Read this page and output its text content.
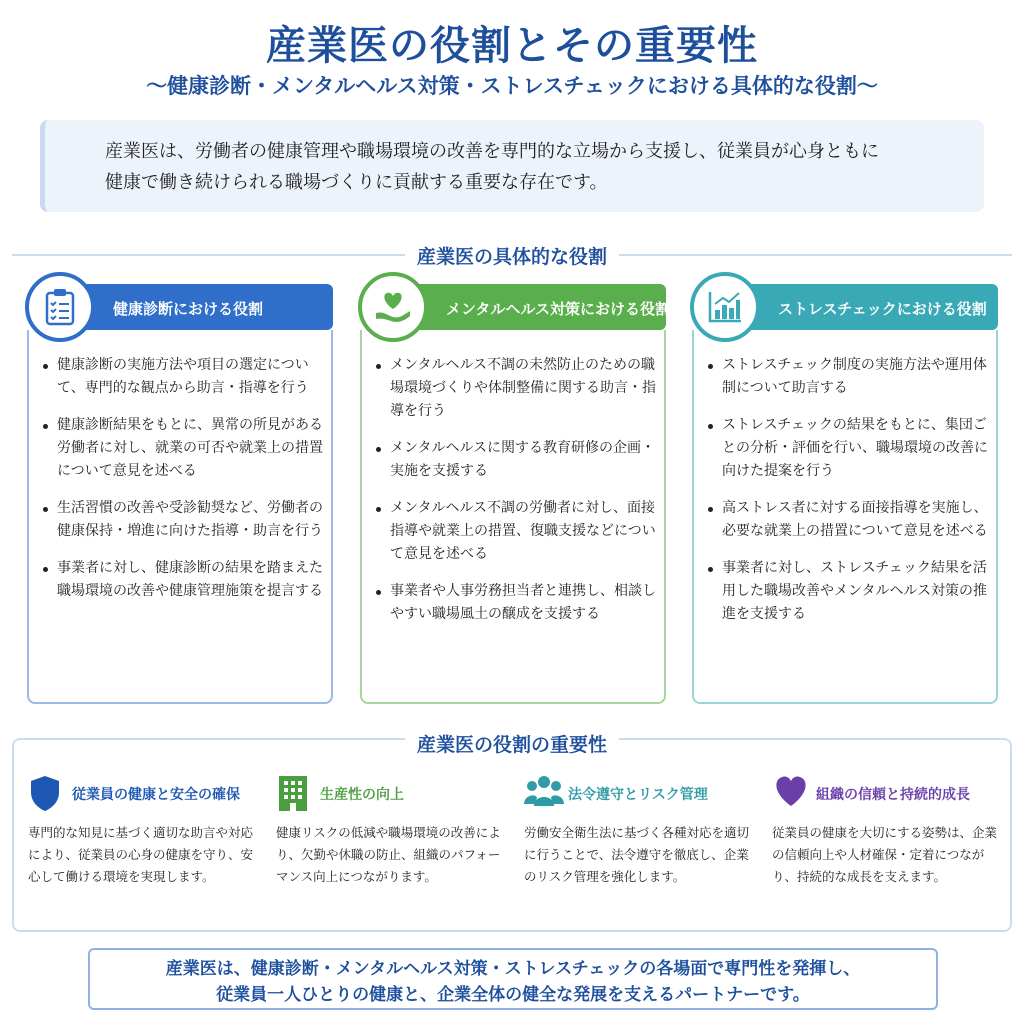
産業医の役割とその重要性
〜健康診断・メンタルヘルス対策・ストレスチェックにおける具体的な役割〜

産業医は、労働者の健康管理や職場環境の改善を専門的な立場から支援し、従業員が心身ともに
健康で働き続けられる職場づくりに貢献する重要な存在です。

産業医の具体的な役割
健康診断の実施方法や項目の選定について、専門的な観点から助言・指導を行う
健康診断結果をもとに、異常の所見がある労働者に対し、就業の可否や就業上の措置について意見を述べる
生活習慣の改善や受診勧奨など、労働者の健康保持・増進に向けた指導・助言を行う
事業者に対し、健康診断の結果を踏まえた職場環境の改善や健康管理施策を提言する
健康診断における役割
メンタルヘルス不調の未然防止のための職場環境づくりや体制整備に関する助言・指導を行う
メンタルヘルスに関する教育研修の企画・実施を支援する
メンタルヘルス不調の労働者に対し、面接指導や就業上の措置、復職支援などについて意見を述べる
事業者や人事労務担当者と連携し、相談しやすい職場風土の醸成を支援する
メンタルヘルス対策における役割
ストレスチェック制度の実施方法や運用体制について助言する
ストレスチェックの結果をもとに、集団ごとの分析・評価を行い、職場環境の改善に向けた提案を行う
高ストレス者に対する面接指導を実施し、必要な就業上の措置について意見を述べる
事業者に対し、ストレスチェック結果を活用した職場改善やメンタルヘルス対策の推進を支援する
ストレスチェックにおける役割
産業医の役割の重要性
従業員の健康と安全の確保

専門的な知見に基づく適切な助言や対応により、従業員の心身の健康を守り、安心して働ける環境を実現します。

生産性の向上

健康リスクの低減や職場環境の改善により、欠勤や休職の防止、組織のパフォーマンス向上につながります。

法令遵守とリスク管理

労働安全衛生法に基づく各種対応を適切に行うことで、法令遵守を徹底し、企業のリスク管理を強化します。

組織の信頼と持続的成長

従業員の健康を大切にする姿勢は、企業の信頼向上や人材確保・定着につながり、持続的な成長を支えます。

産業医は、健康診断・メンタルヘルス対策・ストレスチェックの各場面で専門性を発揮し、
従業員一人ひとりの健康と、企業全体の健全な発展を支えるパートナーです。
